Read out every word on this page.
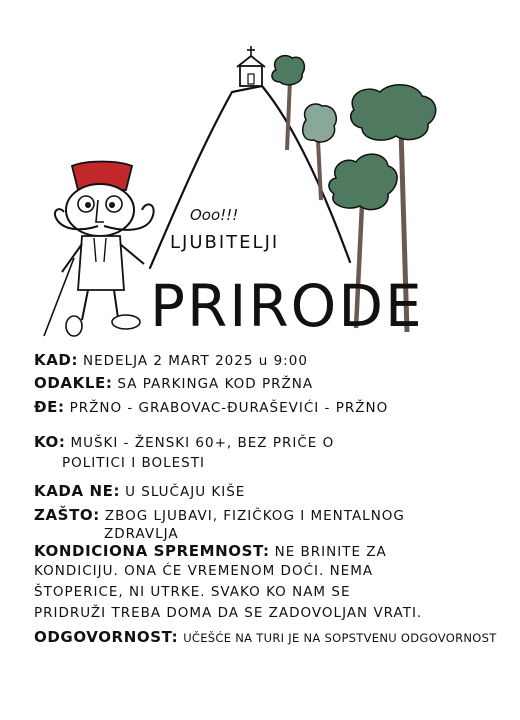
Ooo!!!
LJUBITELJI
PRIRODE
KAD: NEDELJA 2 MART 2025 u 9:00
ODAKLE: SA PARKINGA KOD PRŽNA
ĐE: PRŽNO - GRABOVAC-ĐURAŠEVIĆI - PRŽNO
KO: MUŠKI - ŽENSKI 60+, BEZ PRIČE O
POLITICI I BOLESTI
KADA NE: U SLUČAJU KIŠE
ZAŠTO: ZBOG LJUBAVI, FIZIČKOG I MENTALNOG
ZDRAVLJA
KONDICIONA SPREMNOST: NE BRINITE ZA
KONDICIJU. ONA ĆE VREMENOM DOĆI. NEMA
ŠTOPERICE, NI UTRKE. SVAKO KO NAM SE
PRIDRUŽI TREBA DOMA DA SE ZADOVOLJAN VRATI.
ODGOVORNOST: UČEŠĆE NA TURI JE NA SOPSTVENU ODGOVORNOST
